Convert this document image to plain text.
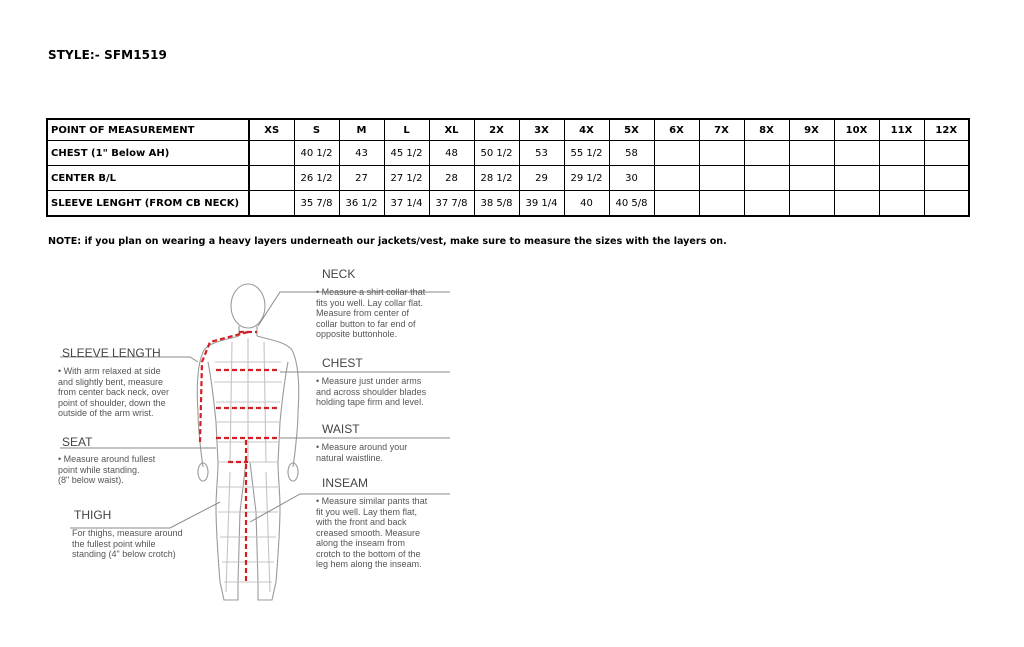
STYLE:- SFM1519
POINT OF MEASUREMENT	XS	S	M	L	XL	2X	3X	4X	5X	6X	7X	8X	9X	10X	11X	12X
CHEST (1" Below AH)		40 1/2	43	45 1/2	48	50 1/2	53	55 1/2	58							
CENTER B/L		26 1/2	27	27 1/2	28	28 1/2	29	29 1/2	30							
SLEEVE LENGHT (FROM CB NECK)		35 7/8	36 1/2	37 1/4	37 7/8	38 5/8	39 1/4	40	40 5/8							
NOTE: if you plan on wearing a heavy layers underneath our jackets/vest, make sure to measure the sizes with the layers on.
NECK
• Measure a shirt collar that
fits you well. Lay collar flat.
Measure from center of
collar button to far end of
opposite buttonhole.
CHEST
• Measure just under arms
and across shoulder blades
holding tape firm and level.
WAIST
• Measure around your
natural waistline.
INSEAM
• Measure similar pants that
fit you well. Lay them flat,
with the front and back
creased smooth. Measure
along the inseam from
crotch to the bottom of the
leg hem along the inseam.
SLEEVE LENGTH
• With arm relaxed at side
and slightly bent, measure
from center back neck, over
point of shoulder, down the
outside of the arm wrist.
SEAT
• Measure around fullest
point while standing.
(8" below waist).
THIGH
For thighs, measure around
the fullest point while
standing (4" below crotch)
